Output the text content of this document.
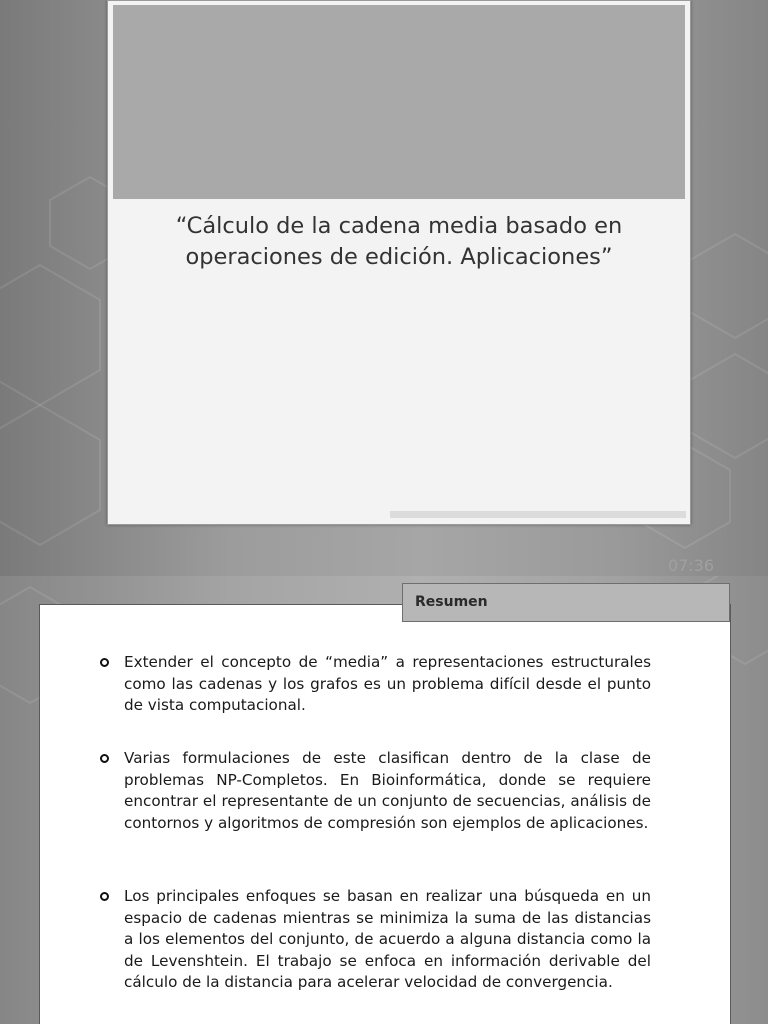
“Cálculo de la cadena media basado en operaciones de edición. Aplicaciones”
07:36
Resumen

Extender el concepto de “media” a representaciones estructurales como las cadenas y los grafos es un problema difícil desde el punto de vista computacional.

Varias formulaciones de este clasifican dentro de la clase de problemas NP-Completos. En Bioinformática, donde se requiere encontrar el representante de un conjunto de secuencias, análisis de contornos y algoritmos de compresión son ejemplos de aplicaciones.

Los principales enfoques se basan en realizar una búsqueda en un espacio de cadenas mientras se minimiza la suma de las distancias a los elementos del conjunto, de acuerdo a alguna distancia como la de Levenshtein. El trabajo se enfoca en información derivable del cálculo de la distancia para acelerar velocidad de convergencia.
